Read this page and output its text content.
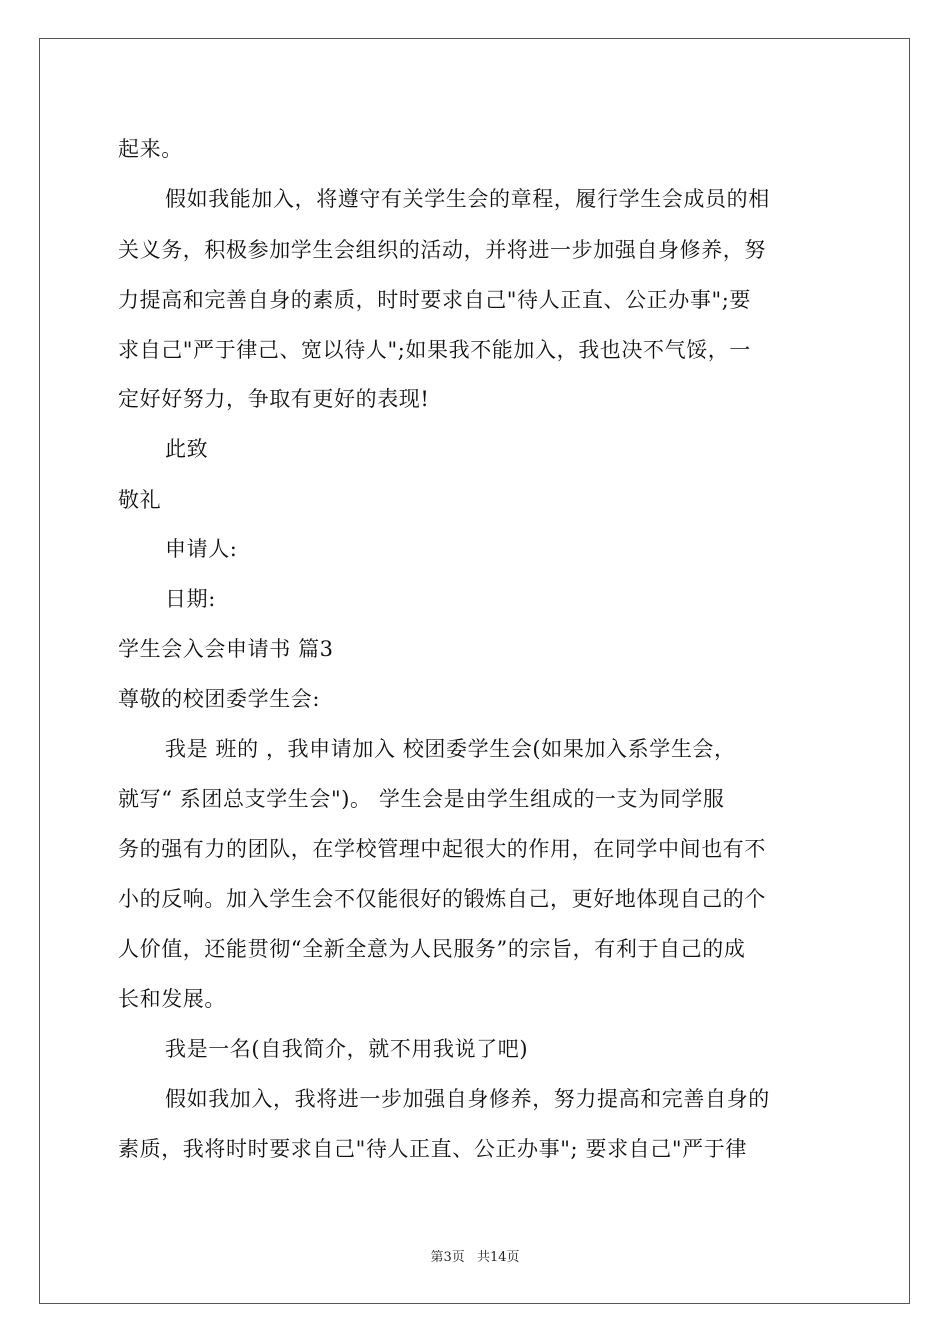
起来。
假如我能加入，将遵守有关学生会的章程，履行学生会成员的相
关义务，积极参加学生会组织的活动，并将进一步加强自身修养，努
力提高和完善自身的素质，时时要求自己"待人正直、公正办事";要
求自己"严于律己、宽以待人";如果我不能加入，我也决不气馁，一
定好好努力，争取有更好的表现!
此致
敬礼
申请人:
日期:
学生会入会申请书 篇3
尊敬的校团委学生会:
我是 班的 ，我申请加入 校团委学生会(如果加入系学生会，
就写“ 系团总支学生会")。 学生会是由学生组成的一支为同学服
务的强有力的团队，在学校管理中起很大的作用，在同学中间也有不
小的反响。加入学生会不仅能很好的锻炼自己，更好地体现自己的个
人价值，还能贯彻“全新全意为人民服务”的宗旨，有利于自己的成
长和发展。
我是一名(自我简介，就不用我说了吧)
假如我加入，我将进一步加强自身修养，努力提高和完善自身的
素质，我将时时要求自己"待人正直、公正办事"; 要求自己"严于律
第3页 共14页
